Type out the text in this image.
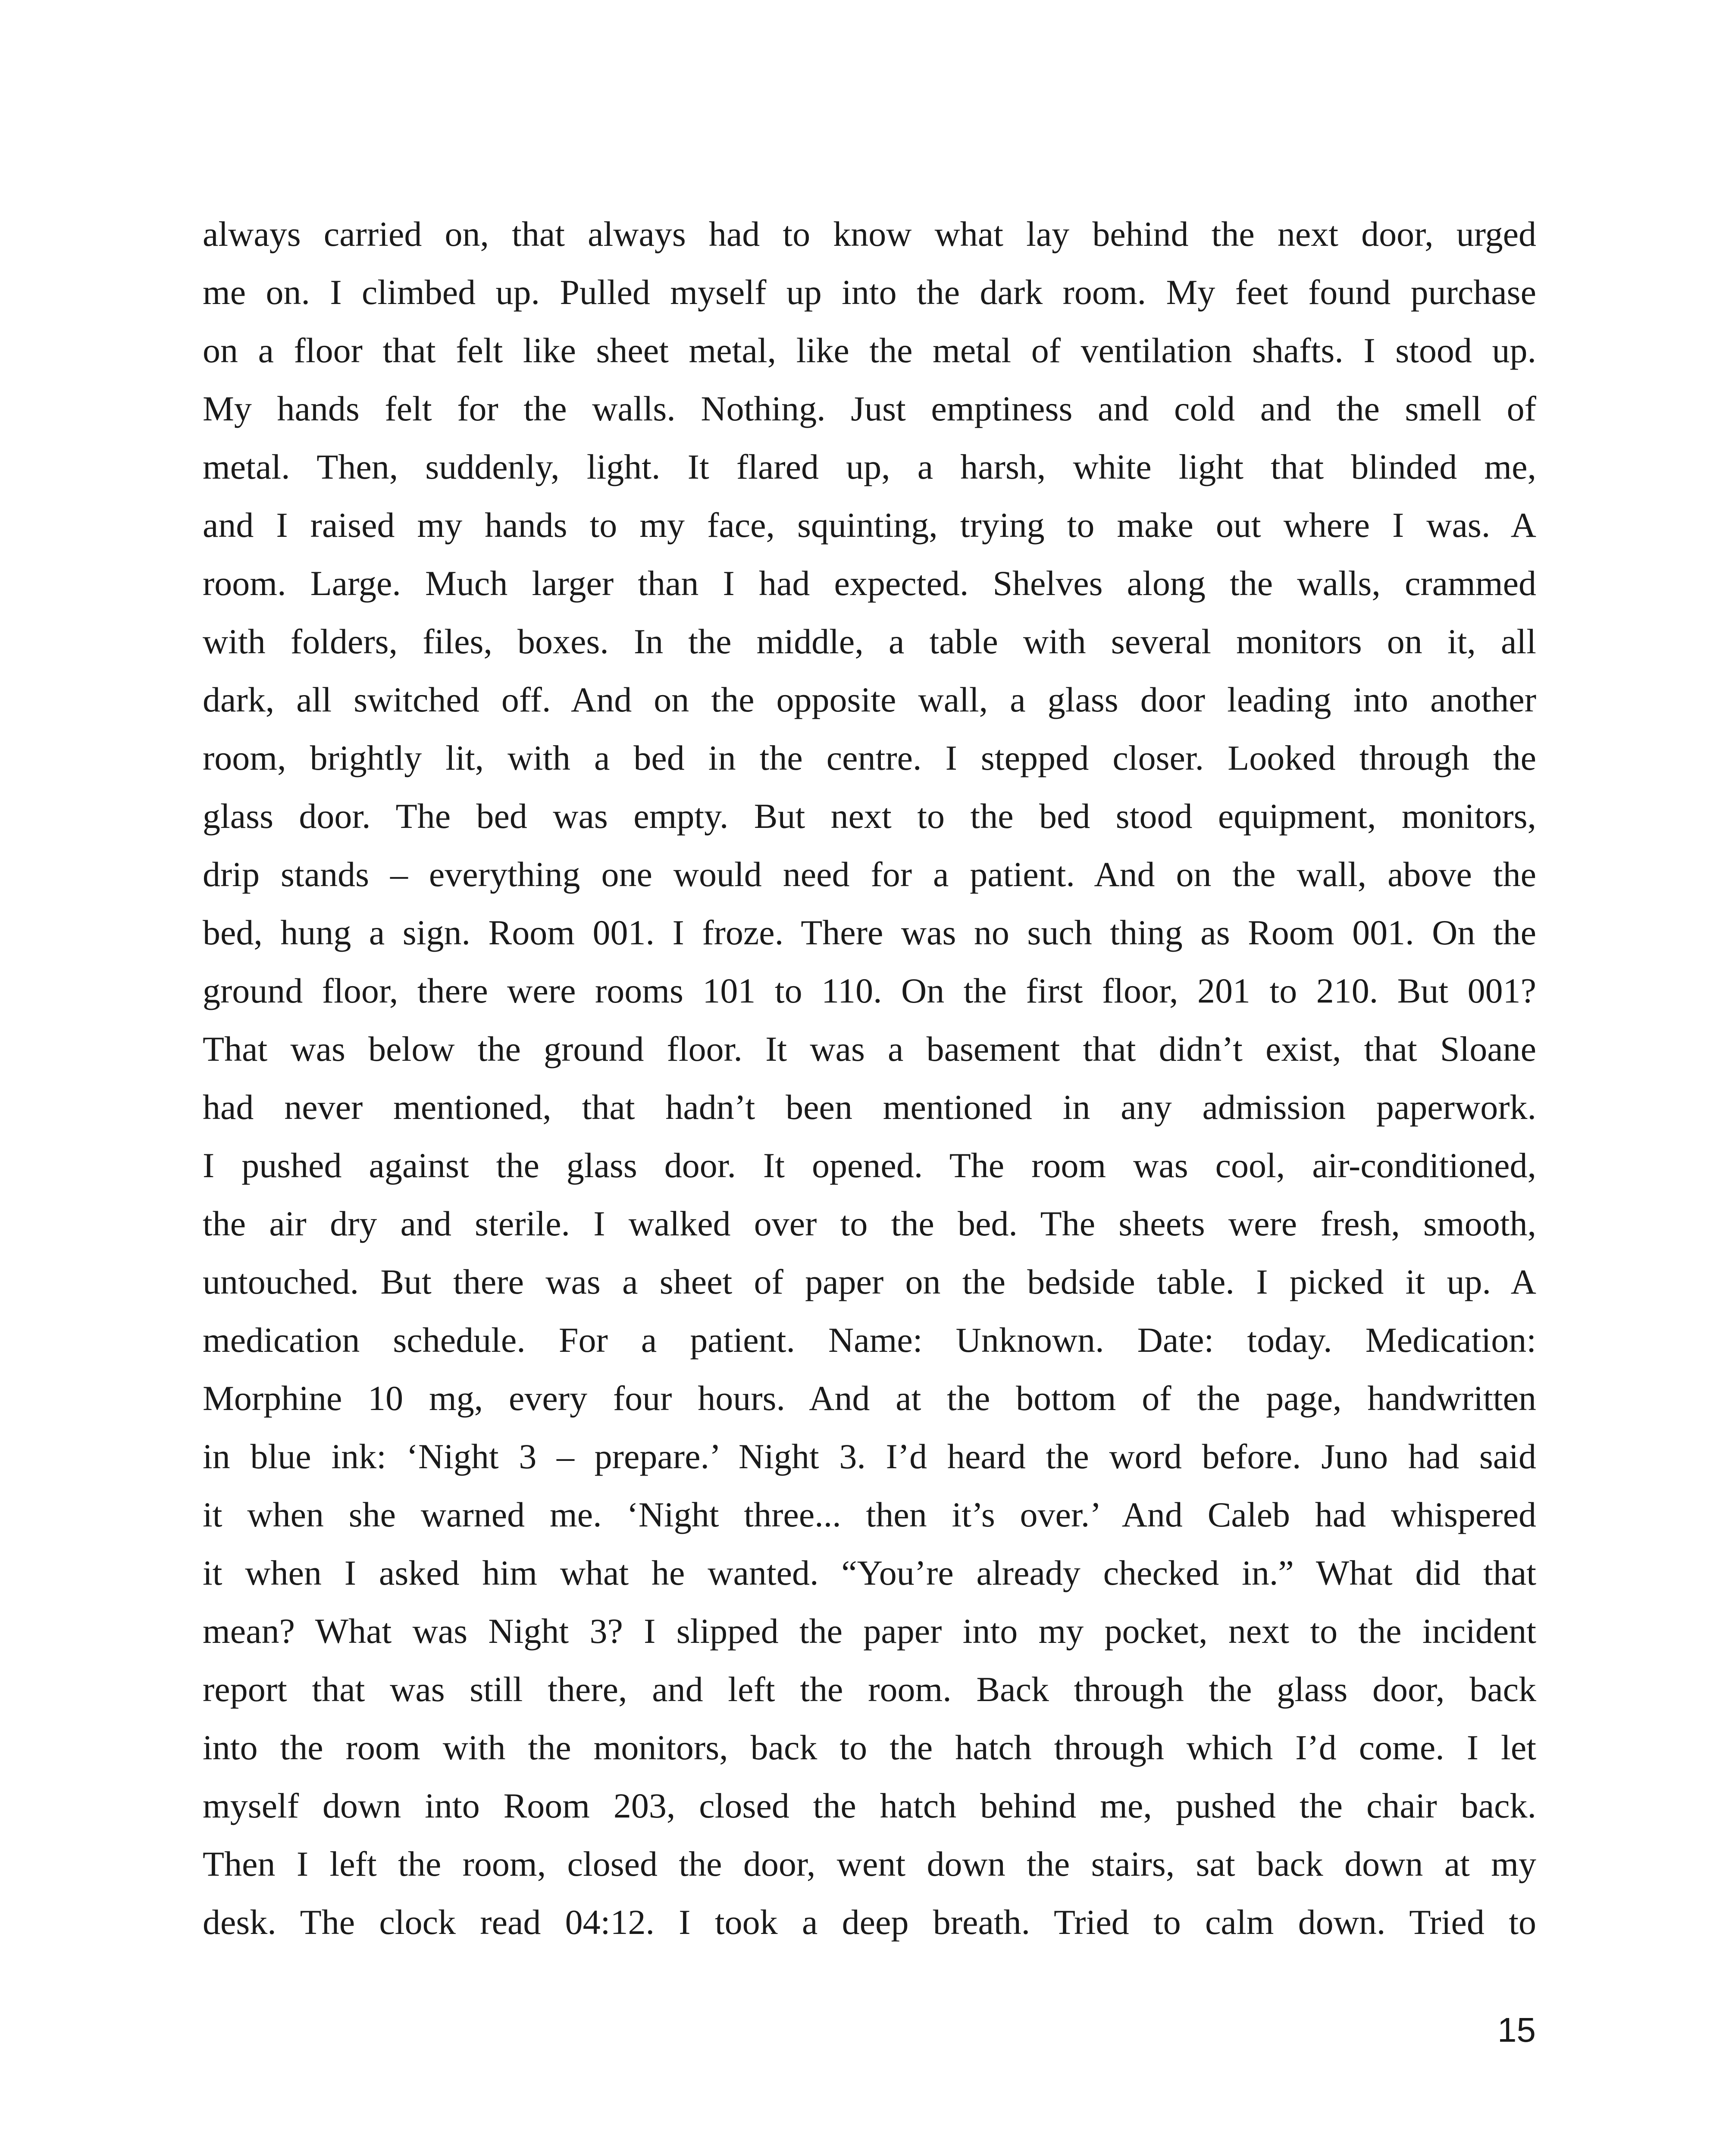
always carried on, that always had to know what lay behind the next door, urged
me on. I climbed up. Pulled myself up into the dark room. My feet found purchase
on a floor that felt like sheet metal, like the metal of ventilation shafts. I stood up.
My hands felt for the walls. Nothing. Just emptiness and cold and the smell of
metal. Then, suddenly, light. It flared up, a harsh, white light that blinded me,
and I raised my hands to my face, squinting, trying to make out where I was. A
room. Large. Much larger than I had expected. Shelves along the walls, crammed
with folders, files, boxes. In the middle, a table with several monitors on it, all
dark, all switched off. And on the opposite wall, a glass door leading into another
room, brightly lit, with a bed in the centre. I stepped closer. Looked through the
glass door. The bed was empty. But next to the bed stood equipment, monitors,
drip stands – everything one would need for a patient. And on the wall, above the
bed, hung a sign. Room 001. I froze. There was no such thing as Room 001. On the
ground floor, there were rooms 101 to 110. On the first floor, 201 to 210. But 001?
That was below the ground floor. It was a basement that didn’t exist, that Sloane
had never mentioned, that hadn’t been mentioned in any admission paperwork.
I pushed against the glass door. It opened. The room was cool, air-conditioned,
the air dry and sterile. I walked over to the bed. The sheets were fresh, smooth,
untouched. But there was a sheet of paper on the bedside table. I picked it up. A
medication schedule. For a patient. Name: Unknown. Date: today. Medication:
Morphine 10 mg, every four hours. And at the bottom of the page, handwritten
in blue ink: ‘Night 3 – prepare.’ Night 3. I’d heard the word before. Juno had said
it when she warned me. ‘Night three... then it’s over.’ And Caleb had whispered
it when I asked him what he wanted. “You’re already checked in.” What did that
mean? What was Night 3? I slipped the paper into my pocket, next to the incident
report that was still there, and left the room. Back through the glass door, back
into the room with the monitors, back to the hatch through which I’d come. I let
myself down into Room 203, closed the hatch behind me, pushed the chair back.
Then I left the room, closed the door, went down the stairs, sat back down at my
desk. The clock read 04:12. I took a deep breath. Tried to calm down. Tried to
15
